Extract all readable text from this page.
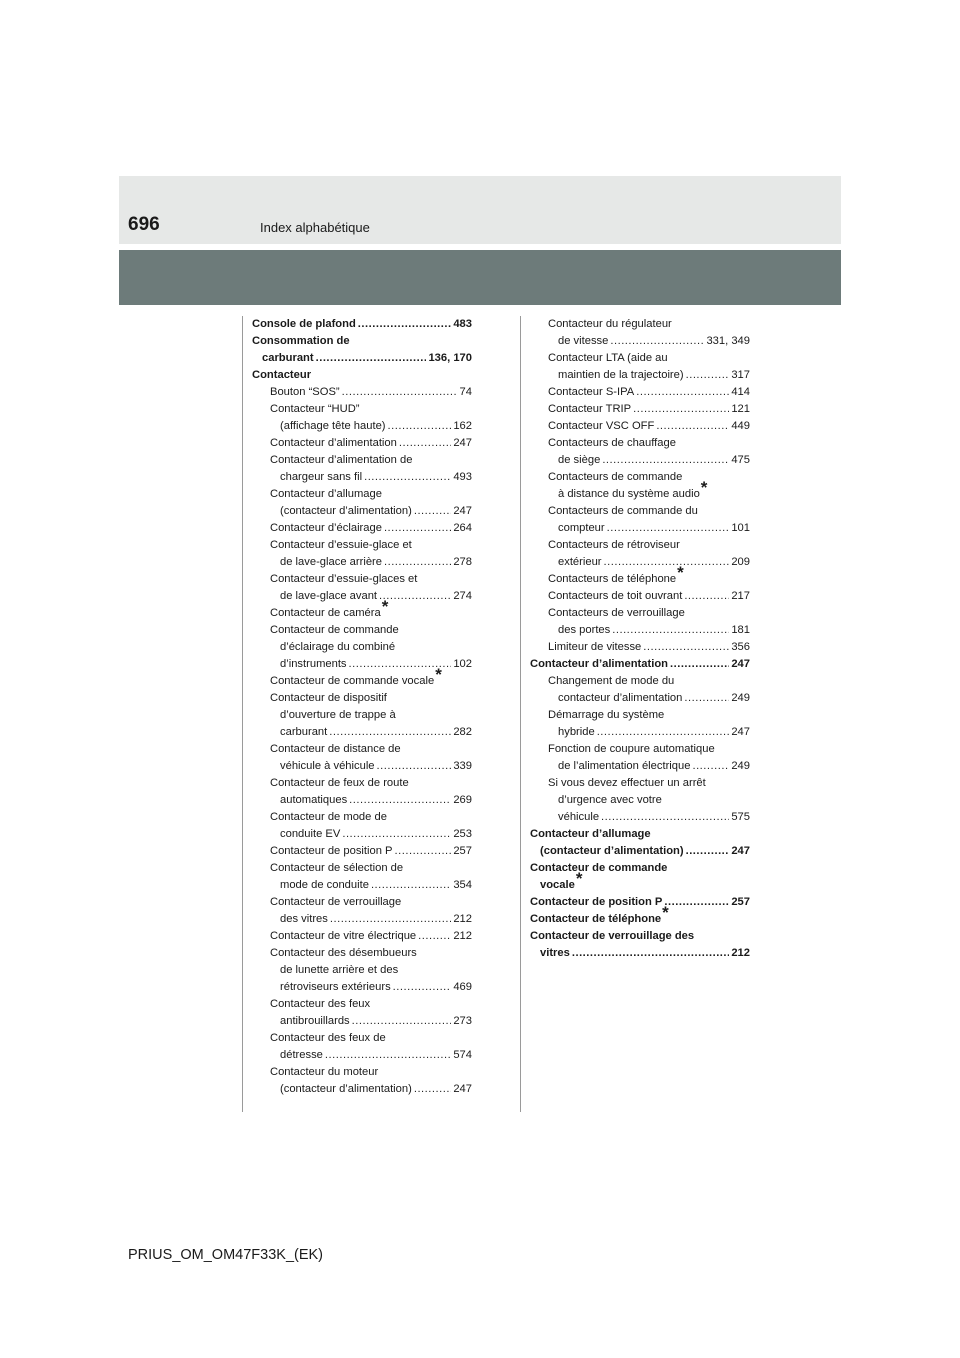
696	Index alphabétique
Console de plafond .....	483
Consommation de
carburant .....	136, 170
Contacteur
Bouton “SOS” .....	74
Contacteur “HUD”
(affichage tête haute) .....	162
Contacteur d’alimentation .....	247
Contacteur d’alimentation de
chargeur sans fil .....	493
Contacteur d’allumage
(contacteur d’alimentation) .....	247
Contacteur d’éclairage .....	264
Contacteur d’essuie-glace et
de lave-glace arrière .....	278
Contacteur d’essuie-glaces et
de lave-glace avant .....	274
Contacteur de caméra *
Contacteur de commande
d’éclairage du combiné
d’instruments .....	102
Contacteur de commande vocale *
Contacteur de dispositif
d’ouverture de trappe à
carburant .....	282
Contacteur de distance de
véhicule à véhicule .....	339
Contacteur de feux de route
automatiques .....	269
Contacteur de mode de
conduite EV .....	253
Contacteur de position P .....	257
Contacteur de sélection de
mode de conduite .....	354
Contacteur de verrouillage
des vitres .....	212
Contacteur de vitre électrique .....	212
Contacteur des désembueurs
de lunette arrière et des
rétroviseurs extérieurs .....	469
Contacteur des feux
antibrouillards .....	273
Contacteur des feux de
détresse .....	574
Contacteur du moteur
(contacteur d’alimentation) .....	247
Contacteur du régulateur
de vitesse .....	331, 349
Contacteur LTA (aide au
maintien de la trajectoire) .....	317
Contacteur S-IPA .....	414
Contacteur TRIP .....	121
Contacteur VSC OFF .....	449
Contacteurs de chauffage
de siège .....	475
Contacteurs de commande
à distance du système audio *
Contacteurs de commande du
compteur .....	101
Contacteurs de rétroviseur
extérieur .....	209
Contacteurs de téléphone *
Contacteurs de toit ouvrant .....	217
Contacteurs de verrouillage
des portes .....	181
Limiteur de vitesse .....	356
Contacteur d’alimentation .....	247
Changement de mode du
contacteur d’alimentation .....	249
Démarrage du système
hybride .....	247
Fonction de coupure automatique
de l’alimentation électrique .....	249
Si vous devez effectuer un arrêt
d’urgence avec votre
véhicule .....	575
Contacteur d’allumage
(contacteur d’alimentation) .....	247
Contacteur de commande
vocale *
Contacteur de position P .....	257
Contacteur de téléphone *
Contacteur de verrouillage des
vitres .....	212
PRIUS_OM_OM47F33K_(EK)
